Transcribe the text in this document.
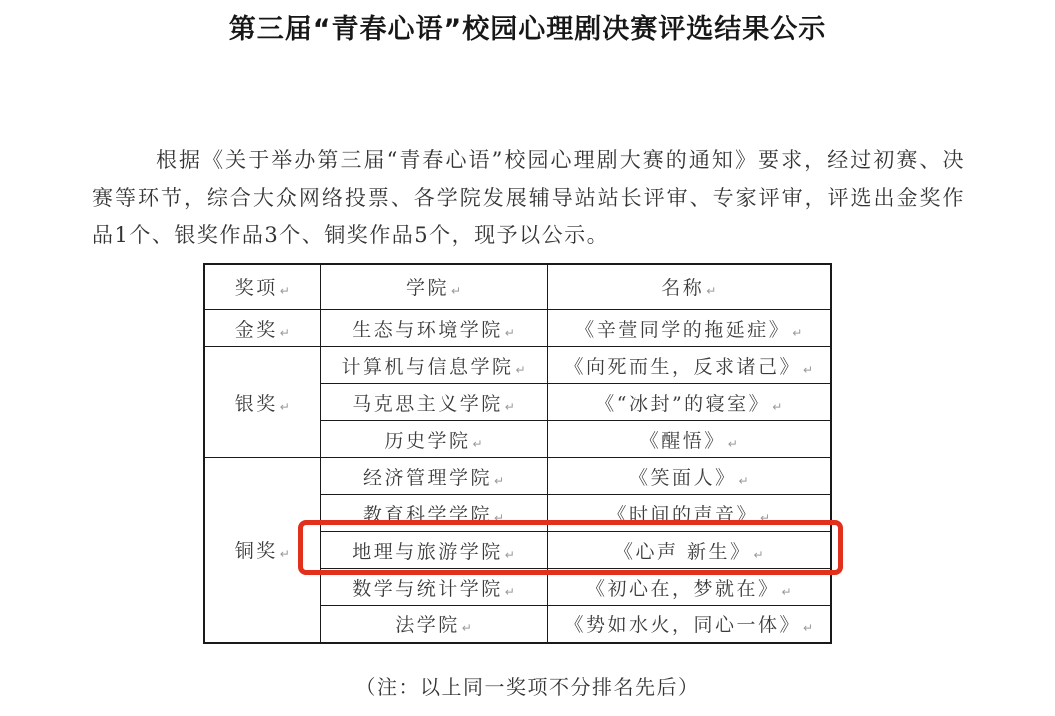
第三届“青春心语”校园心理剧决赛评选结果公示

根据《关于举办第三届“青春心语”校园心理剧大赛的通知》要求，经过初赛、决赛等环节，综合大众网络投票、各学院发展辅导站站长评审、专家评审，评选出金奖作品1个、银奖作品3个、铜奖作品5个，现予以公示。

奖项 ↵	学院 ↵	名称 ↵
金奖 ↵	生态与环境学院 ↵	《辛萱同学的拖延症》 ↵
银奖 ↵	计算机与信息学院 ↵	《向死而生，反求诸己》 ↵
	马克思主义学院 ↵	《“冰封”的寝室》 ↵
	历史学院 ↵	《醒悟》 ↵
铜奖 ↵	经济管理学院 ↵	《笑面人》 ↵
	教育科学学院 ↵	《时间的声音》 ↵
	地理与旅游学院 ↵	《心声 新生》 ↵
	数学与统计学院 ↵	《初心在，梦就在》 ↵
	法学院 ↵	《势如水火，同心一体》 ↵

（注：以上同一奖项不分排名先后）
